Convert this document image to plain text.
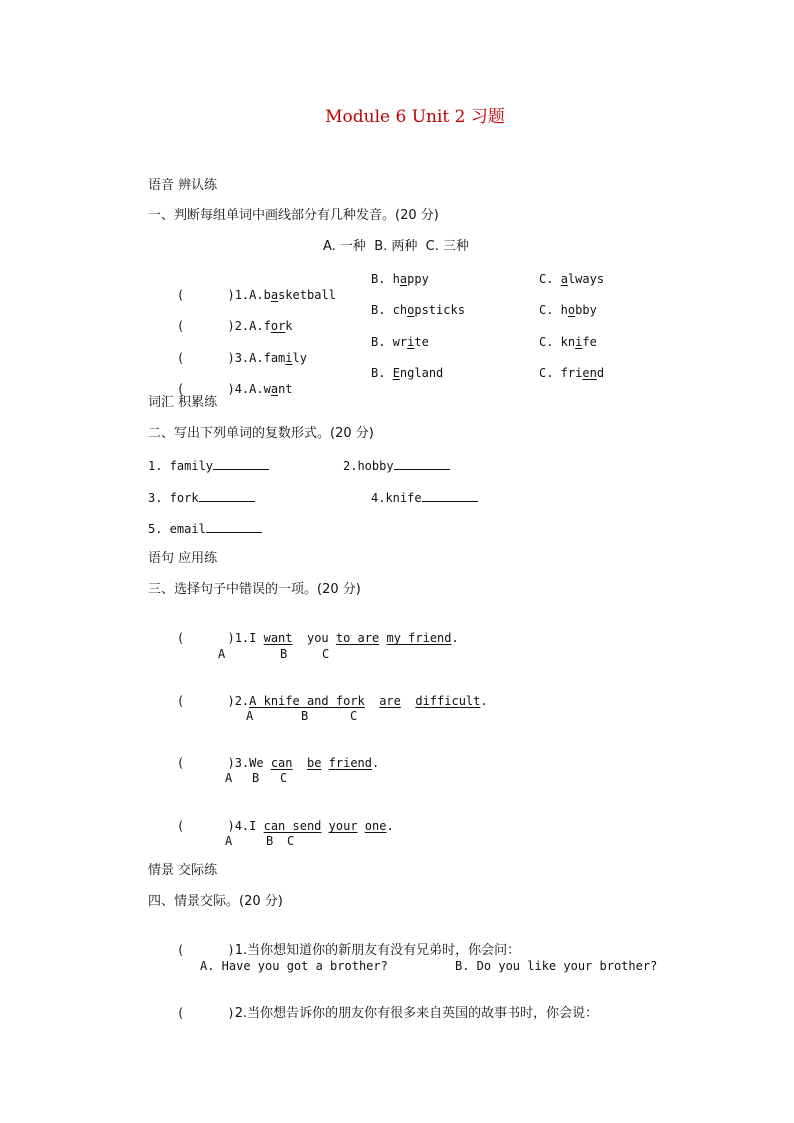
Module 6 Unit 2 习题
语音 辨认练
一、判断每组单词中画线部分有几种发音。(20 分)
A. 一种  B. 两种  C. 三种

(      )1.A.basketball

B. happy	C. always

(      )2.A.fork

B. chopsticks	C. hobby

(      )3.A.family

B. write	C. knife

(      )4.A.want

B. England	C. friend
词汇 积累练
二、写出下列单词的复数形式。(20 分)
1. family	2.hobby
3. fork	4.knife
5. email
语句 应用练
三、选择句子中错误的一项。(20 分)

(      )1.I want you to are my friend.

A	B	C

(      )2.A knife and fork are difficult.

A	B	C

(      )3.We can be friend.

A B C

(      )4.I can send your one.

A	B C
情景 交际练
四、情景交际。(20 分)

(      )1.当你想知道你的新朋友有没有兄弟时，你会问：

A. Have you got a brother?	B. Do you like your brother?

(      )2.当你想告诉你的朋友你有很多来自英国的故事书时，你会说：
